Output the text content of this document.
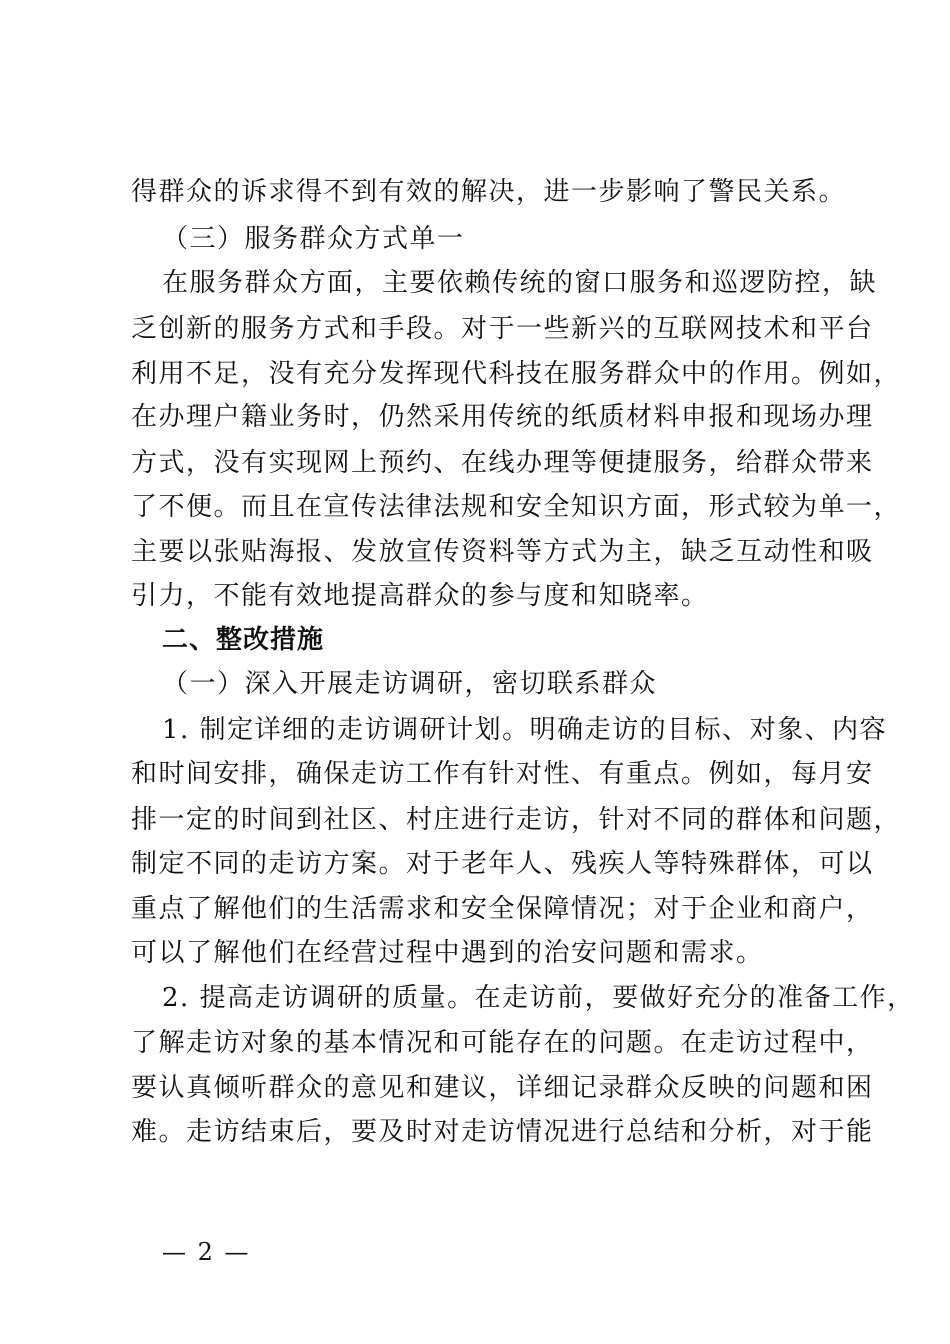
得群众的诉求得不到有效的解决，进一步影响了警民关系。
（三）服务群众方式单一
在服务群众方面，主要依赖传统的窗口服务和巡逻防控，缺
乏创新的服务方式和手段。对于一些新兴的互联网技术和平台
利用不足，没有充分发挥现代科技在服务群众中的作用。例如，
在办理户籍业务时，仍然采用传统的纸质材料申报和现场办理
方式，没有实现网上预约、在线办理等便捷服务，给群众带来
了不便。而且在宣传法律法规和安全知识方面，形式较为单一，
主要以张贴海报、发放宣传资料等方式为主，缺乏互动性和吸
引力，不能有效地提高群众的参与度和知晓率。
二、整改措施
（一）深入开展走访调研，密切联系群众
1. 制定详细的走访调研计划。明确走访的目标、对象、内容
和时间安排，确保走访工作有针对性、有重点。例如，每月安
排一定的时间到社区、村庄进行走访，针对不同的群体和问题，
制定不同的走访方案。对于老年人、残疾人等特殊群体，可以
重点了解他们的生活需求和安全保障情况；对于企业和商户，
可以了解他们在经营过程中遇到的治安问题和需求。
2. 提高走访调研的质量。在走访前，要做好充分的准备工作，
了解走访对象的基本情况和可能存在的问题。在走访过程中，
要认真倾听群众的意见和建议，详细记录群众反映的问题和困
难。走访结束后，要及时对走访情况进行总结和分析，对于能
— 2 —
